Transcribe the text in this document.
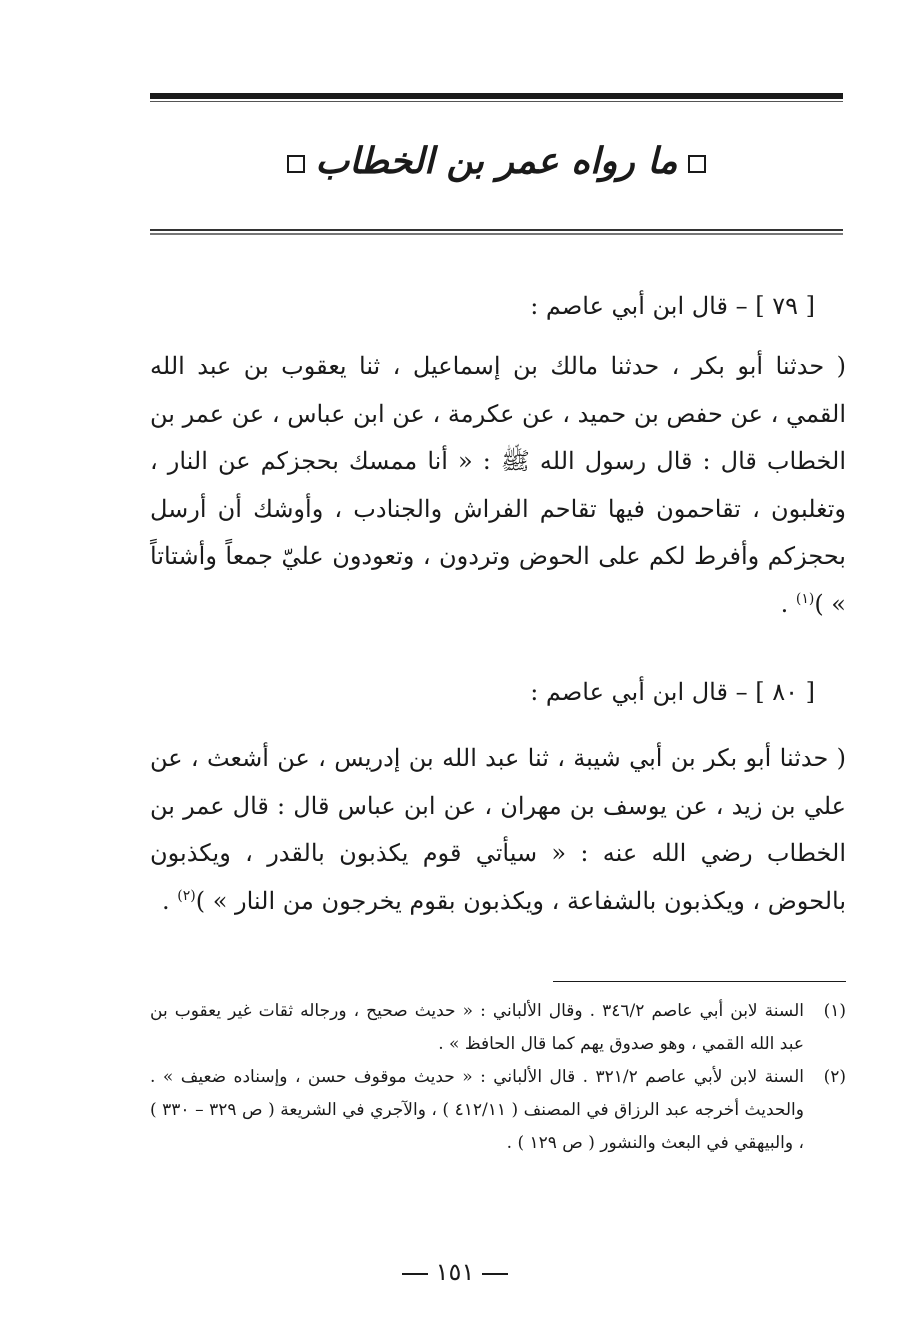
ما رواه عمر بن الخطاب
[ ٧٩ ] – قال ابن أبي عاصم :
( حدثنا أبو بكر ، حدثنا مالك بن إسماعيل ، ثنا يعقوب بن عبد الله القمي ، عن حفص بن حميد ، عن عكرمة ، عن ابن عباس ، عن عمر بن الخطاب قال : قال رسول الله ﷺ : « أنا ممسك بحجزكم عن النار ، وتغلبون ، تقاحمون فيها تقاحم الفراش والجنادب ، وأوشك أن أرسل بحجزكم وأفرط لكم على الحوض وتردون ، وتعودون عليّ جمعاً وأشتاتاً » )$^{(١)}$ .
[ ٨٠ ] – قال ابن أبي عاصم :
( حدثنا أبو بكر بن أبي شيبة ، ثنا عبد الله بن إدريس ، عن أشعث ، عن علي بن زيد ، عن يوسف بن مهران ، عن ابن عباس قال : قال عمر بن الخطاب رضي الله عنه : « سيأتي قوم يكذبون بالقدر ، ويكذبون بالحوض ، ويكذبون بالشفاعة ، ويكذبون بقوم يخرجون من النار » )$^{(٢)}$ .
(١)
السنة لابن أبي عاصم ٣٤٦/٢ . وقال الألباني : « حديث صحيح ، ورجاله ثقات غير يعقوب بن عبد الله القمي ، وهو صدوق يهم كما قال الحافظ » .
(٢)
السنة لابن لأبي عاصم ٣٢١/٢ . قال الألباني : « حديث موقوف حسن ، وإسناده ضعيف » . والحديث أخرجه عبد الرزاق في المصنف ( ٤١٢/١١ ) ، والآجري في الشريعة ( ص ٣٢٩ – ٣٣٠ ) ، والبيهقي في البعث والنشور ( ص ١٢٩ ) .
١٥١
